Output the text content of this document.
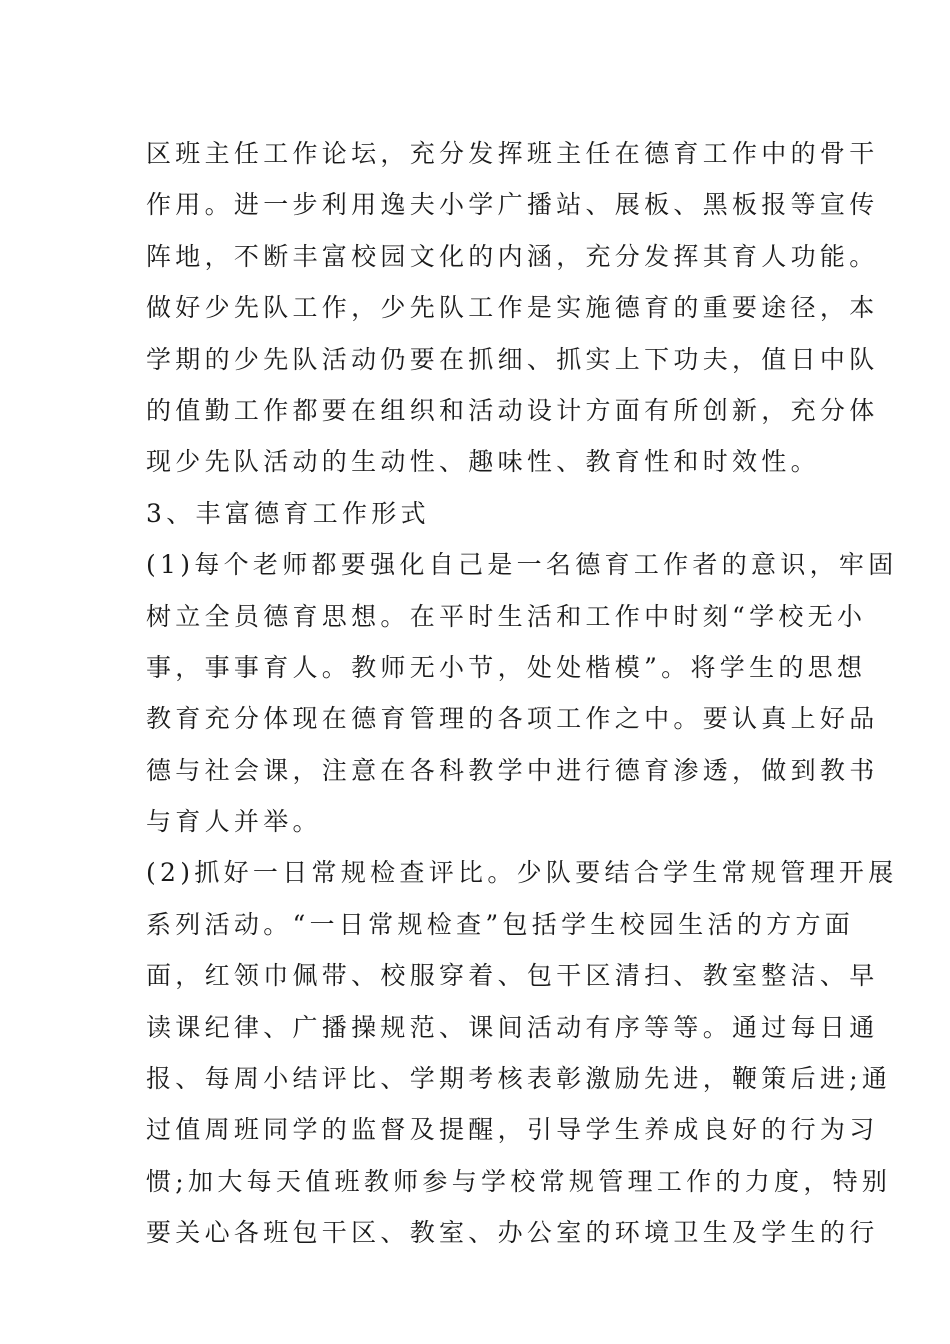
区班主任工作论坛，充分发挥班主任在德育工作中的骨干
作用。进一步利用逸夫小学广播站、展板、黑板报等宣传
阵地，不断丰富校园文化的内涵，充分发挥其育人功能。
做好少先队工作，少先队工作是实施德育的重要途径，本
学期的少先队活动仍要在抓细、抓实上下功夫，值日中队
的值勤工作都要在组织和活动设计方面有所创新，充分体
现少先队活动的生动性、趣味性、教育性和时效性。
3、丰富德育工作形式
(1)每个老师都要强化自己是一名德育工作者的意识，牢固
树立全员德育思想。在平时生活和工作中时刻“学校无小
事，事事育人。教师无小节，处处楷模”。将学生的思想
教育充分体现在德育管理的各项工作之中。要认真上好品
德与社会课，注意在各科教学中进行德育渗透，做到教书
与育人并举。
(2)抓好一日常规检查评比。少队要结合学生常规管理开展
系列活动。“一日常规检查”包括学生校园生活的方方面
面，红领巾佩带、校服穿着、包干区清扫、教室整洁、早
读课纪律、广播操规范、课间活动有序等等。通过每日通
报、每周小结评比、学期考核表彰激励先进，鞭策后进;通
过值周班同学的监督及提醒，引导学生养成良好的行为习
惯;加大每天值班教师参与学校常规管理工作的力度，特别
要关心各班包干区、教室、办公室的环境卫生及学生的行
